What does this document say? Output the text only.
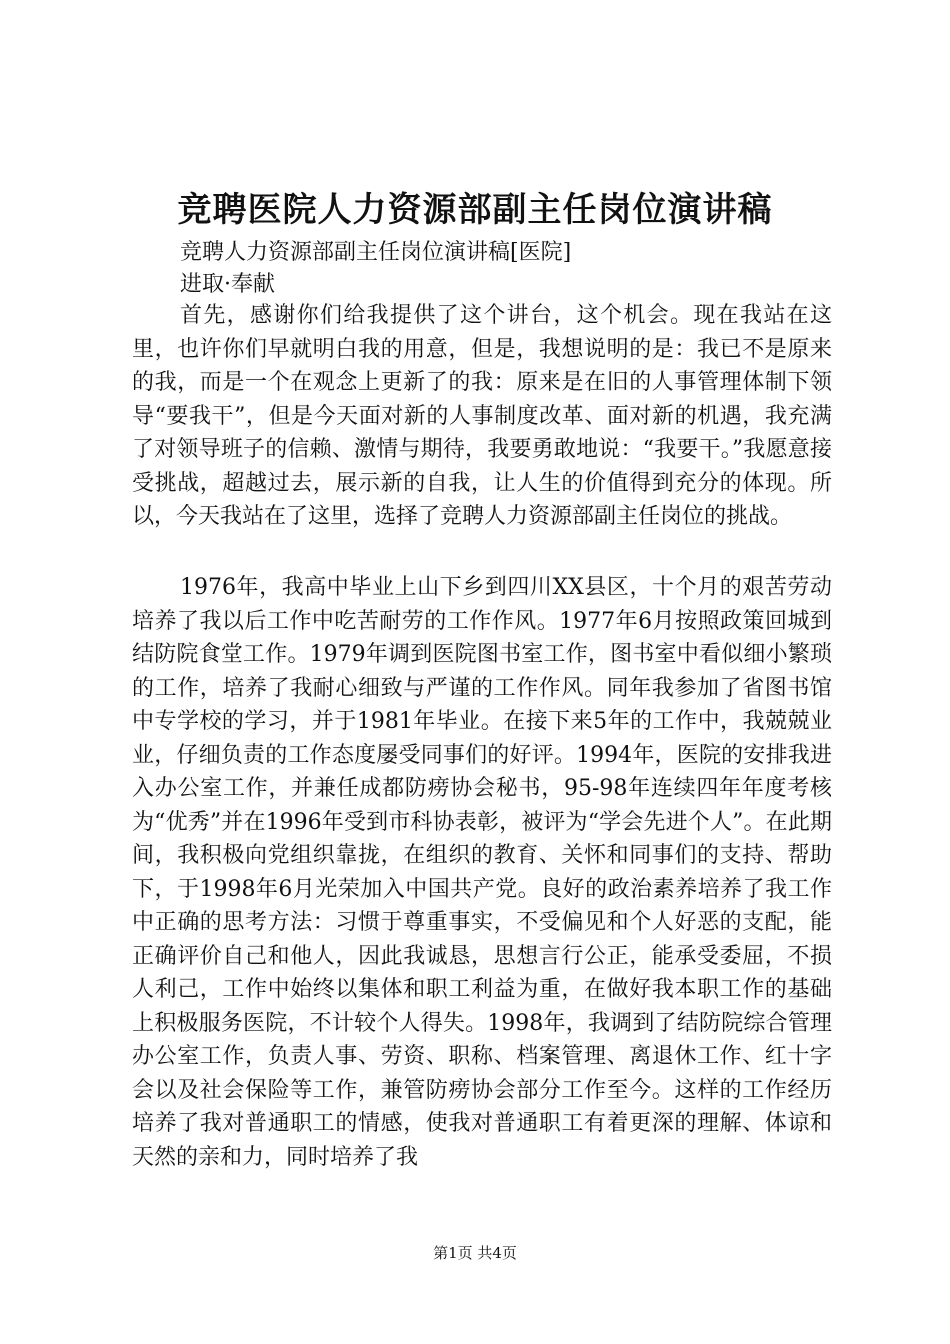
竞聘医院人力资源部副主任岗位演讲稿

竞聘人力资源部副主任岗位演讲稿[医院]

进取·奉献

首先，感谢你们给我提供了这个讲台，这个机会。现在我站在这里，也许你们早就明白我的用意，但是，我想说明的是：我已不是原来的我，而是一个在观念上更新了的我：原来是在旧的人事管理体制下领导“要我干”，但是今天面对新的人事制度改革、面对新的机遇，我充满了对领导班子的信赖、激情与期待，我要勇敢地说：“我要干。”我愿意接受挑战，超越过去，展示新的自我，让人生的价值得到充分的体现。所以，今天我站在了这里，选择了竞聘人力资源部副主任岗位的挑战。

1976年，我高中毕业上山下乡到四川XX县区，十个月的艰苦劳动培养了我以后工作中吃苦耐劳的工作作风。1977年6月按照政策回城到结防院食堂工作。1979年调到医院图书室工作，图书室中看似细小繁琐的工作，培养了我耐心细致与严谨的工作作风。同年我参加了省图书馆中专学校的学习，并于1981年毕业。在接下来5年的工作中，我兢兢业业，仔细负责的工作态度屡受同事们的好评。1994年，医院的安排我进入办公室工作，并兼任成都防痨协会秘书，95-98年连续四年年度考核为“优秀”并在1996年受到市科协表彰，被评为“学会先进个人”。在此期间，我积极向党组织靠拢，在组织的教育、关怀和同事们的支持、帮助下，于1998年6月光荣加入中国共产党。良好的政治素养培养了我工作中正确的思考方法：习惯于尊重事实，不受偏见和个人好恶的支配，能正确评价自己和他人，因此我诚恳，思想言行公正，能承受委屈，不损人利己，工作中始终以集体和职工利益为重，在做好我本职工作的基础上积极服务医院，不计较个人得失。1998年，我调到了结防院综合管理办公室工作，负责人事、劳资、职称、档案管理、离退休工作、红十字会以及社会保险等工作，兼管防痨协会部分工作至今。这样的工作经历培养了我对普通职工的情感，使我对普通职工有着更深的理解、体谅和天然的亲和力，同时培养了我

第1页 共4页
